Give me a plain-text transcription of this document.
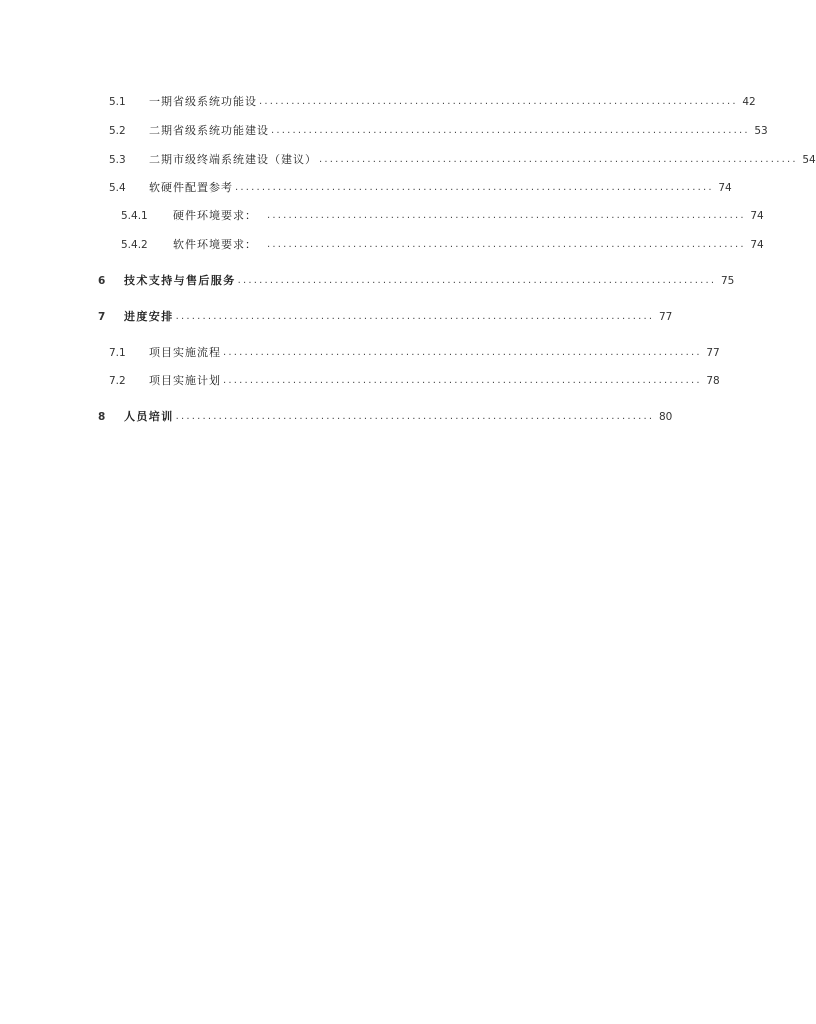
5.1 一期省级系统功能设 ......................................................................................... 42
5.2 二期省级系统功能建设 ......................................................................................... 53
5.3 二期市级终端系统建设（建议） ......................................................................................... 54
5.4 软硬件配置参考 ......................................................................................... 74
5.4.1 硬件环境要求： ......................................................................................... 74
5.4.2 软件环境要求： ......................................................................................... 74
6 技术支持与售后服务 ......................................................................................... 75
7 进度安排 ......................................................................................... 77
7.1 项目实施流程 ......................................................................................... 77
7.2 项目实施计划 ......................................................................................... 78
8 人员培训 ......................................................................................... 80
